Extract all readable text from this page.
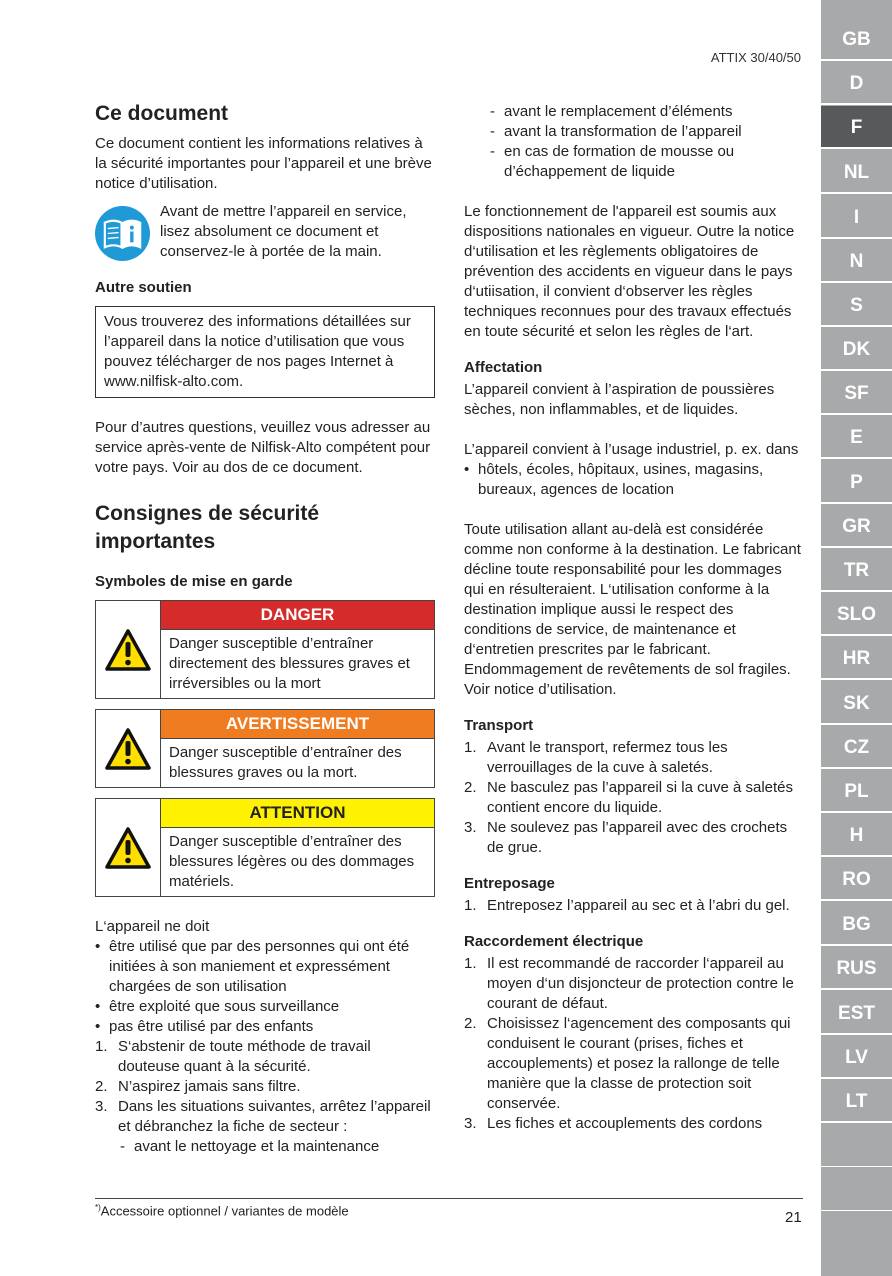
ATTIX 30/40/50
GB
D
F
NL
I
N
S
DK
SF
E
P
GR
TR
SLO
HR
SK
CZ
PL
H
RO
BG
RUS
EST
LV
LT
Ce document

Ce document contient les informations relatives à la sécurité importantes pour l’appareil et une brève notice d’utilisation.

Avant de mettre l’appareil en service, lisez absolument ce document et conservez-le à portée de la main.

Autre soutien
Vous trouverez des informations détaillées sur l’appareil dans la notice d’utilisation que vous pouvez télécharger de nos pages Internet à www.nilfisk-alto.com.

Pour d’autres questions, veuillez vous adresser au service après-vente de Nilfisk-Alto compétent pour votre pays. Voir au dos de ce document.

Consignes de sécurité importantes
Symboles de mise en garde
DANGER
Danger susceptible d’entraîner directement des blessures graves et irréversibles ou la mort
AVERTISSEMENT
Danger susceptible d’entraîner des blessures graves ou la mort.
ATTENTION
Danger susceptible d’entraîner des blessures légères ou des dommages matériels.

L‘appareil ne doit

• être utilisé que par des personnes qui ont été initiées à son maniement et expressément chargées de son utilisation
• être exploité que sous surveillance
• pas être utilisé par des enfants
1. S‘abstenir de toute méthode de travail douteuse quant à la sécurité.
2. N’aspirez jamais sans filtre.
3. Dans les situations suivantes, arrêtez l’appareil et débranchez la fiche de secteur :
- avant le nettoyage et la maintenance
- avant le remplacement d’éléments
- avant la transformation de l’appareil
- en cas de formation de mousse ou d’échappement de liquide

Le fonctionnement de l'appareil est soumis aux dispositions nationales en vigueur. Outre la notice d‘utilisation et les règlements obligatoires de prévention des accidents en vigueur dans le pays d‘utiisation, il convient d‘observer les règles techniques reconnues pour des travaux effectués en toute sécurité et selon les règles de l‘art.

Affectation

L’appareil convient à l’aspiration de poussières sèches, non inflammables, et de liquides.

L’appareil convient à l’usage industriel, p. ex. dans

• hôtels, écoles, hôpitaux, usines, magasins, bureaux, agences de location

Toute utilisation allant au-delà est considérée comme non conforme à la destination. Le fabricant décline toute responsabilité pour les dommages qui en résulteraient. L‘utilisation conforme à la destination implique aussi le respect des conditions de service, de maintenance et d‘entretien prescrites par le fabricant. Endommagement de revêtements de sol fragiles. Voir notice d’utilisation.

Transport
1. Avant le transport, refermez tous les verrouillages de la cuve à saletés.
2. Ne basculez pas l’appareil si la cuve à saletés contient encore du liquide.
3. Ne soulevez pas l’appareil avec des crochets de grue.
Entreposage
1. Entreposez l’appareil au sec et à l’abri du gel.
Raccordement électrique
1. Il est recommandé de raccorder l‘appareil au moyen d‘un disjoncteur de protection contre le courant de défaut.
2. Choisissez l‘agencement des composants qui conduisent le courant (prises, fiches et accouplements) et posez la rallonge de telle manière que la classe de protection soit conservée.
3. Les fiches et accouplements des cordons
*)Accessoire optionnel / variantes de modèle	21
